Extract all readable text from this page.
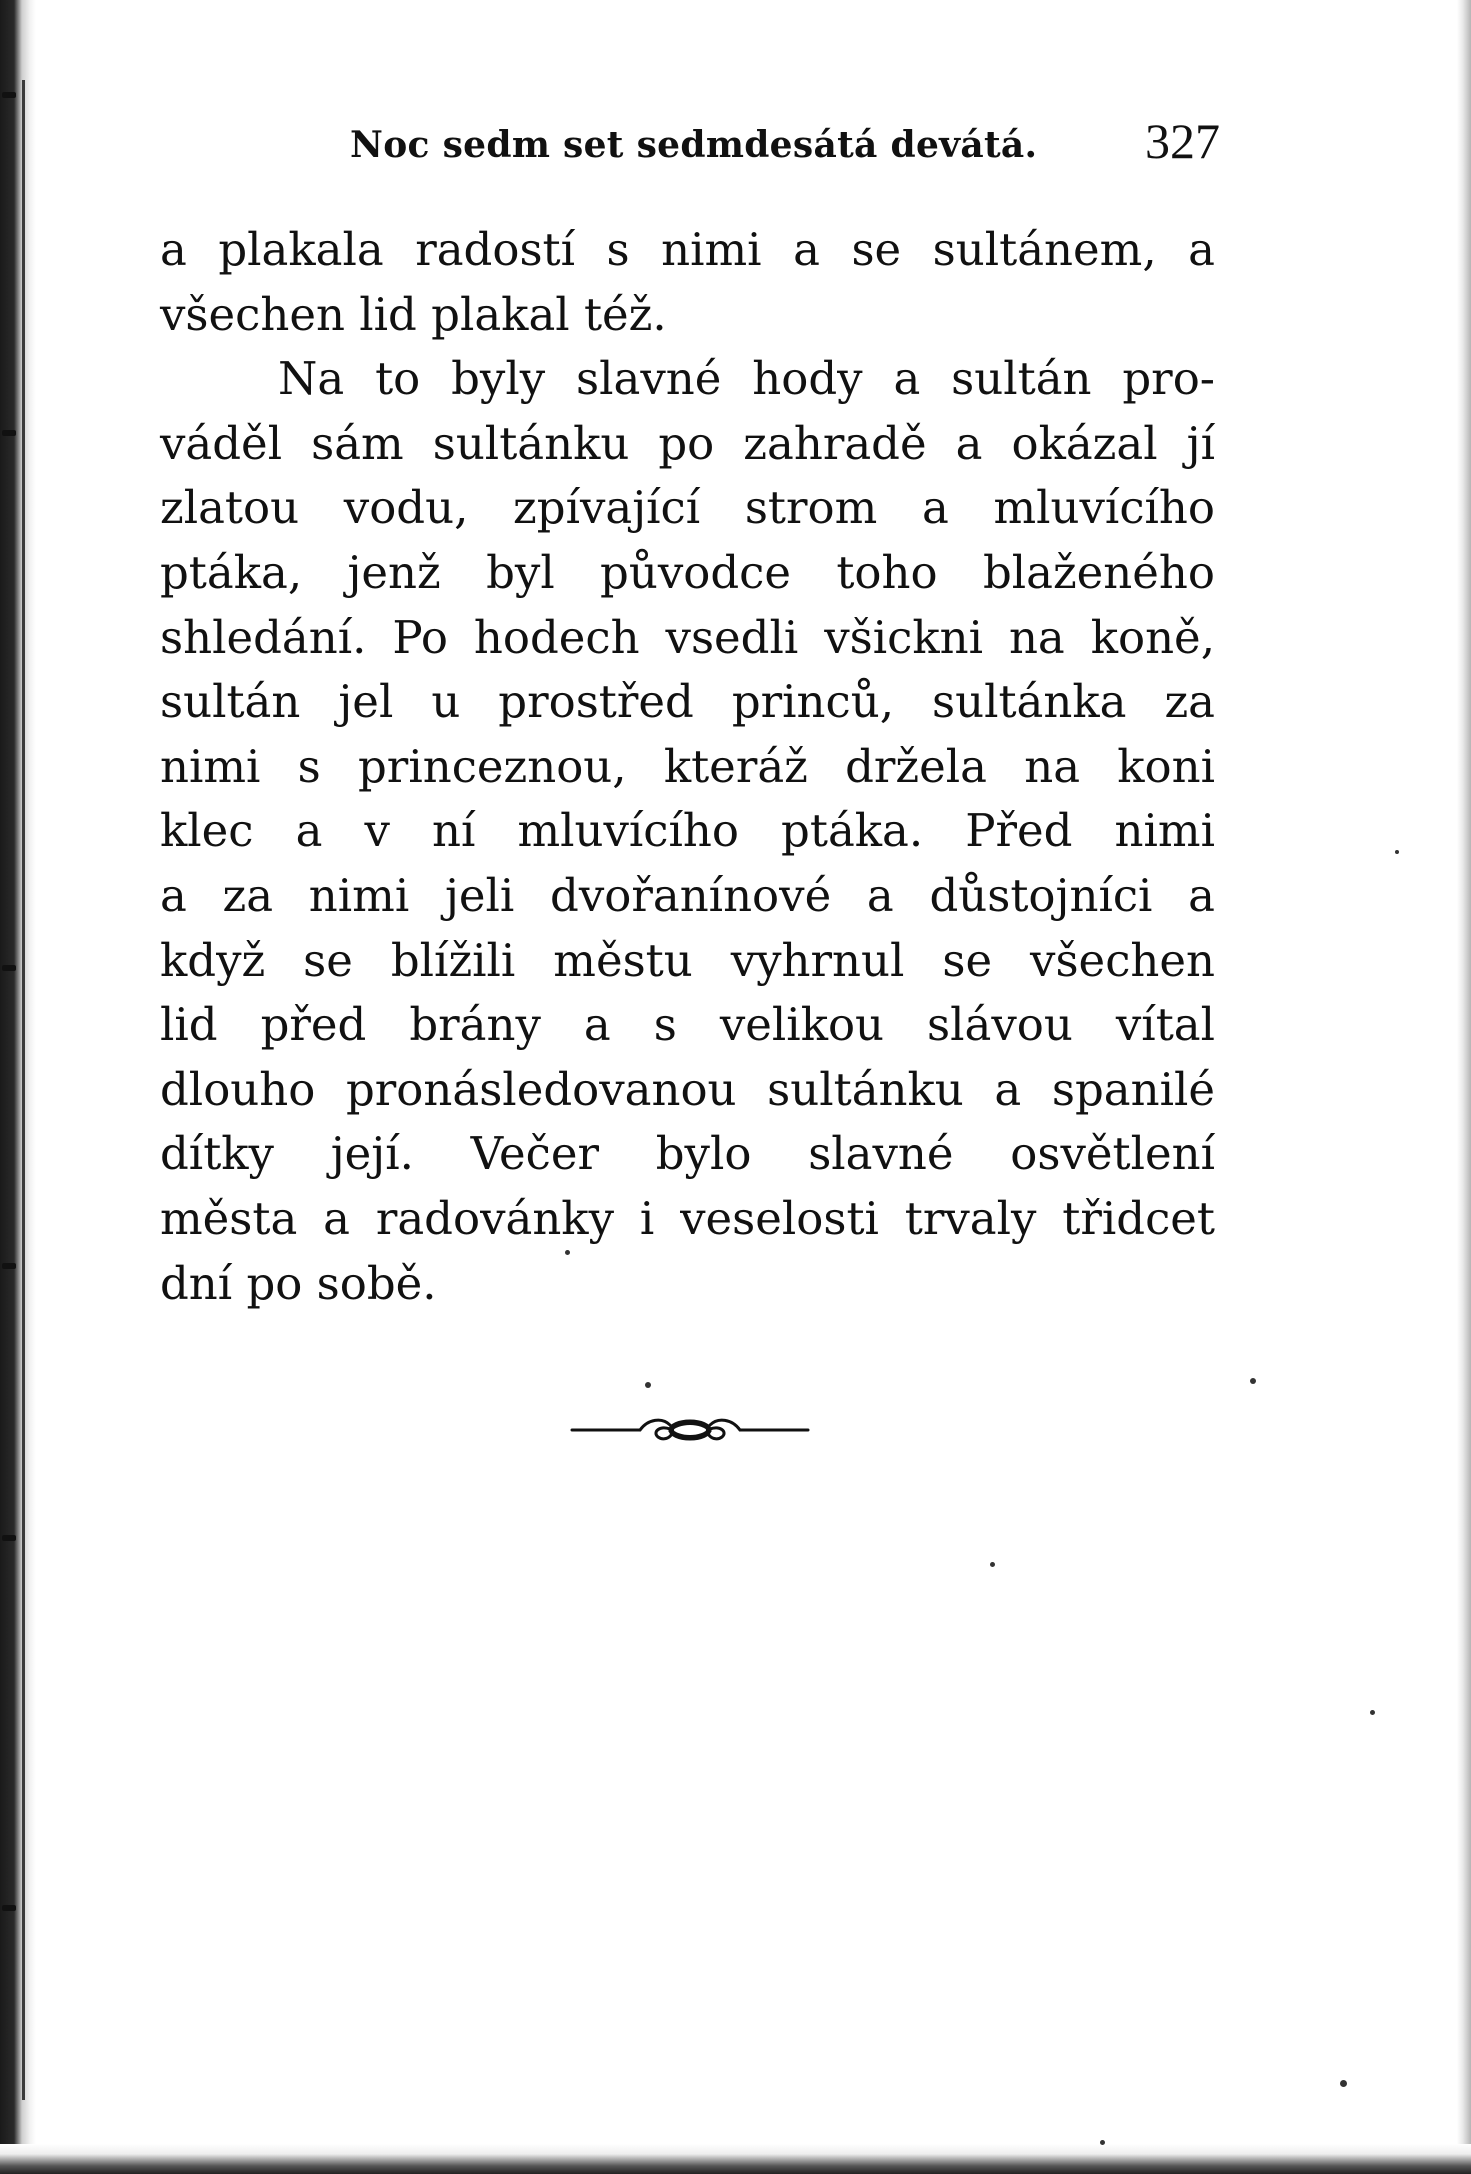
Noc sedm set sedmdesátá devátá. 327
a plakala radostí s nimi a se sultánem, a
všechen lid plakal též.
Na to byly slavné hody a sultán pro-
váděl sám sultánku po zahradě a okázal jí
zlatou vodu, zpívající strom a mluvícího
ptáka, jenž byl původce toho blaženého
shledání. Po hodech vsedli všickni na koně,
sultán jel u prostřed princů, sultánka za
nimi s princeznou, kteráž držela na koni
klec a v ní mluvícího ptáka. Před nimi
a za nimi jeli dvořanínové a důstojníci a
když se blížili městu vyhrnul se všechen
lid před brány a s velikou slávou vítal
dlouho pronásledovanou sultánku a spanilé
dítky její. Večer bylo slavné osvětlení
města a radovánky i veselosti trvaly třidcet
dní po sobě.
